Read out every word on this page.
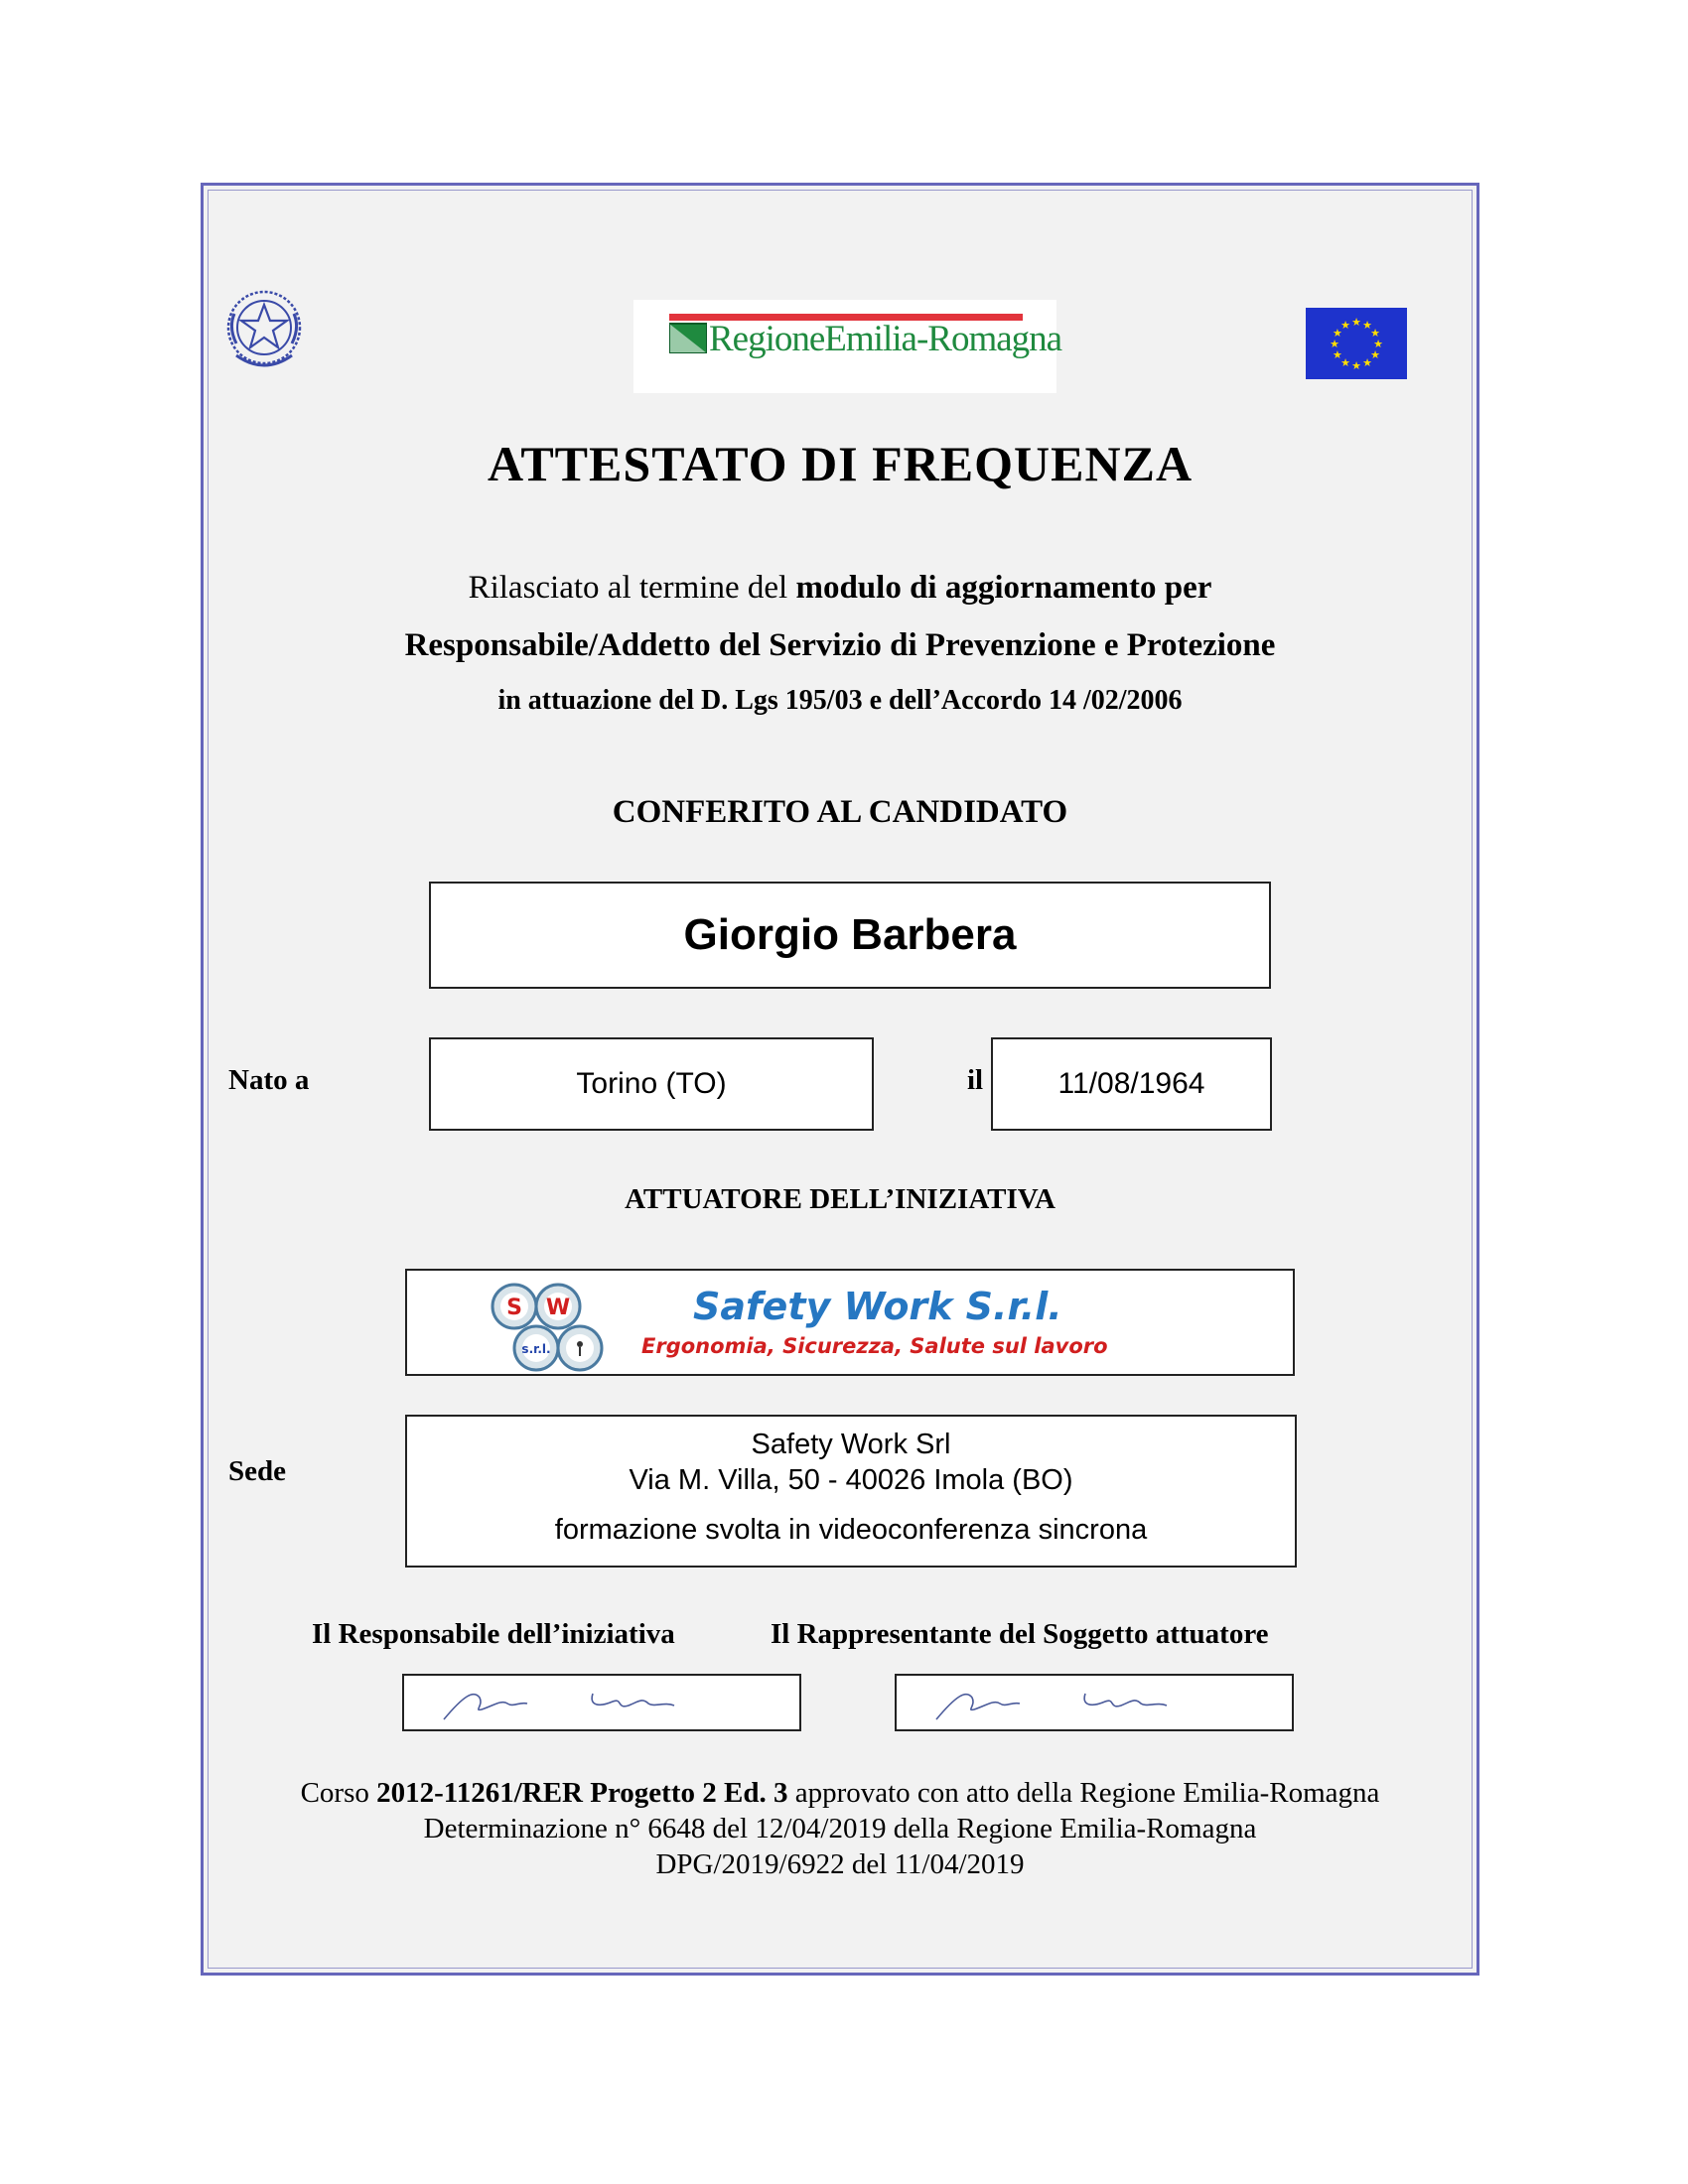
RegioneEmilia-Romagna	★ ★
★
★
★
★
★
★
★
★
★
★
ATTESTATO DI FREQUENZA
Rilasciato al termine del modulo di aggiornamento per
Responsabile/Addetto del Servizio di Prevenzione e Protezione
in attuazione del D. Lgs 195/03 e dell’Accordo 14 /02/2006
CONFERITO AL CANDIDATO
Giorgio Barbera
Nato a	Torino (TO)	il	11/08/1964
ATTUATORE DELL’INIZIATIVA
S W
s.r.l.
Safety Work S.r.l.
Ergonomia, Sicurezza, Salute sul lavoro
Sede
Safety Work Srl
Via M. Villa, 50 - 40026 Imola (BO)
formazione svolta in videoconferenza sincrona
Il Responsabile dell’iniziativa	Il Rappresentante del Soggetto attuatore
Corso 2012-11261/RER Progetto 2 Ed. 3 approvato con atto della Regione Emilia-Romagna
Determinazione n° 6648 del 12/04/2019 della Regione Emilia-Romagna
DPG/2019/6922 del 11/04/2019
